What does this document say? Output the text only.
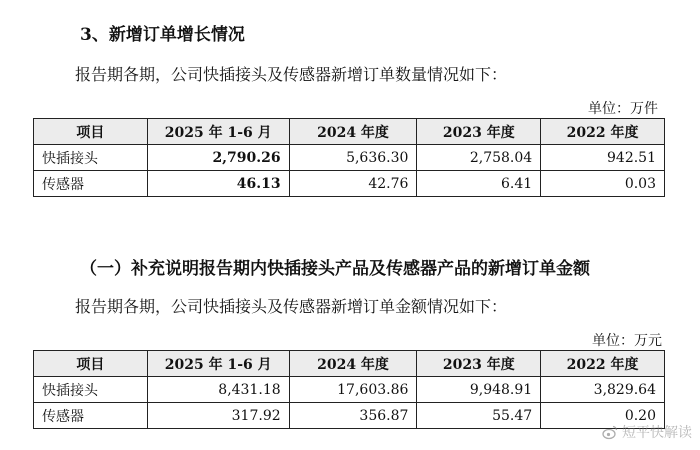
3、新增订单增长情况
报告期各期，公司快插接头及传感器新增订单数量情况如下：
单位：万件
项目	2025 年 1-6 月	2024 年度	2023 年度	2022 年度
快插接头	2,790.26	5,636.30	2,758.04	942.51
传感器	46.13	42.76	6.41	0.03
（一）补充说明报告期内快插接头产品及传感器产品的新增订单金额
报告期各期，公司快插接头及传感器新增订单金额情况如下：
单位：万元
项目	2025 年 1-6 月	2024 年度	2023 年度	2022 年度
快插接头	8,431.18	17,603.86	9,948.91	3,829.64
传感器	317.92	356.87	55.47	0.20
短平快解读
